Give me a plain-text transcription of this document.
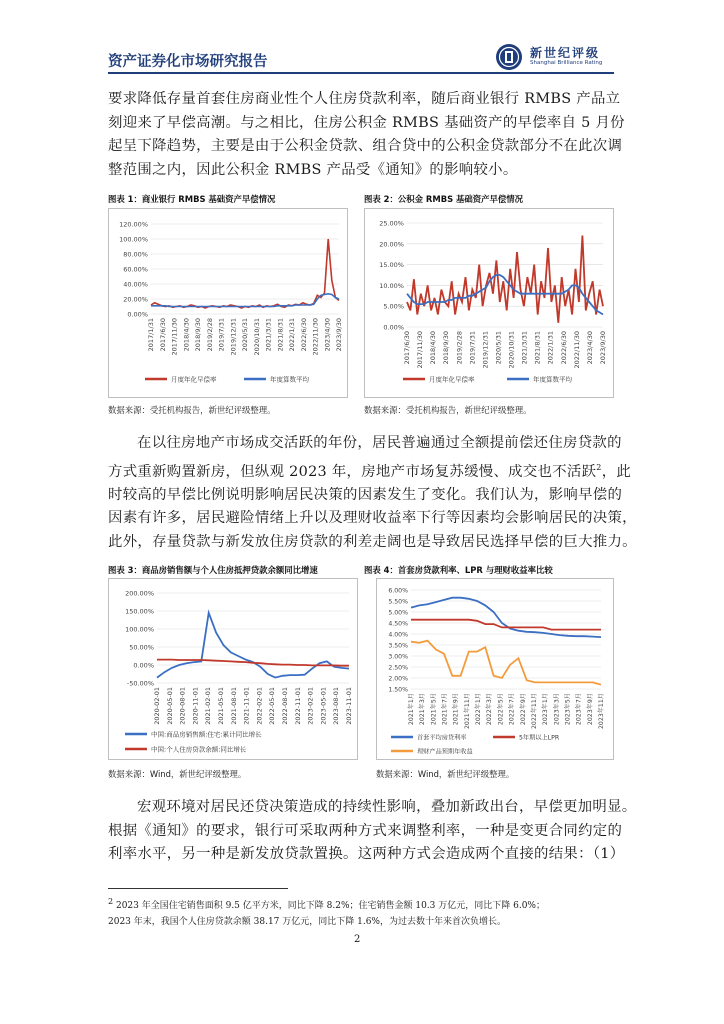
资产证券化市场研究报告
新世纪评级
Shanghai Brilliance Rating

要求降低存量首套住房商业性个人住房贷款利率，随后商业银行 RMBS 产品立

刻迎来了早偿高潮。与之相比，住房公积金 RMBS 基础资产的早偿率自 5 月份

起呈下降趋势，主要是由于公积金贷款、组合贷中的公积金贷款部分不在此次调

整范围之内，因此公积金 RMBS 产品受《通知》的影响较小。

图表 1：商业银行 RMBS 基础资产早偿情况
0.00%
20.00%
40.00%
60.00%
80.00%
100.00%
120.00%
2017/1/31 2017/6/30 2017/11/30 2018/4/30 2018/9/30 2019/2/28 2019/7/31 2019/12/31 2020/5/31 2020/10/31 2021/3/31 2021/8/31 2022/1/31 2022/6/30 2022/11/30 2023/4/30 2023/9/30
月度年化早偿率	年度算数平均
数据来源：受托机构报告，新世纪评级整理。
图表 2：公积金 RMBS 基础资产早偿情况
0.00%
5.00%
10.00%
15.00%
20.00%
25.00%
2017/6/30 2017/11/30 2018/4/30 2018/9/30 2019/2/28 2019/7/31 2019/12/31 2020/5/31 2020/10/31 2021/3/31 2021/8/31 2022/1/31 2022/6/30 2022/11/30 2023/4/30 2023/9/30
月度年化早偿率	年度算数平均
数据来源：受托机构报告，新世纪评级整理。

在以往房地产市场成交活跃的年份，居民普遍通过全额提前偿还住房贷款的

方式重新购置新房，但纵观 2023 年，房地产市场复苏缓慢、成交也不活跃$^2$，此

时较高的早偿比例说明影响居民决策的因素发生了变化。我们认为，影响早偿的

因素有许多，居民避险情绪上升以及理财收益率下行等因素均会影响居民的决策，

此外，存量贷款与新发放住房贷款的利差走阔也是导致居民选择早偿的巨大推力。

图表 3：商品房销售额与个人住房抵押贷款余额同比增速
-50.00%
0.00%
50.00%
100.00%
150.00%
200.00%
2020-02-01 2020-05-01 2020-08-01 2020-11-01 2021-02-01 2021-05-01 2021-08-01 2021-11-01 2022-02-01 2022-05-01 2022-08-01 2022-11-01 2023-02-01 2023-05-01 2023-08-01 2023-11-01
中国:商品房销售额:住宅:累计同比增长
中国:个人住房贷款余额:同比增长
数据来源：Wind，新世纪评级整理。
图表 4：首套房贷款利率、LPR 与理财收益率比较
1.50%
2.00%
2.50%
3.00%
3.50%
4.00%
4.50%
5.00%
5.50%
6.00%
2021年1月 2021年3月 2021年5月 2021年7月 2021年9月 2021年11月 2022年1月 2022年3月 2022年5月 2022年7月 2022年9月 2022年11月 2023年1月 2023年3月 2023年5月 2023年7月 2023年9月 2023年11月
首套平均房贷利率	5年期以上LPR
理财产品预期年收益
数据来源：Wind，新世纪评级整理。

宏观环境对居民还贷决策造成的持续性影响，叠加新政出台，早偿更加明显。

根据《通知》的要求，银行可采取两种方式来调整利率，一种是变更合同约定的

利率水平，另一种是新发放贷款置换。这两种方式会造成两个直接的结果：（1）

$^2$ 2023 年全国住宅销售面积 9.5 亿平方米，同比下降 8.2%；住宅销售金额 10.3 万亿元，同比下降 6.0%；
2023 年末，我国个人住房贷款余额 38.17 万亿元，同比下降 1.6%，为过去数十年来首次负增长。
2
